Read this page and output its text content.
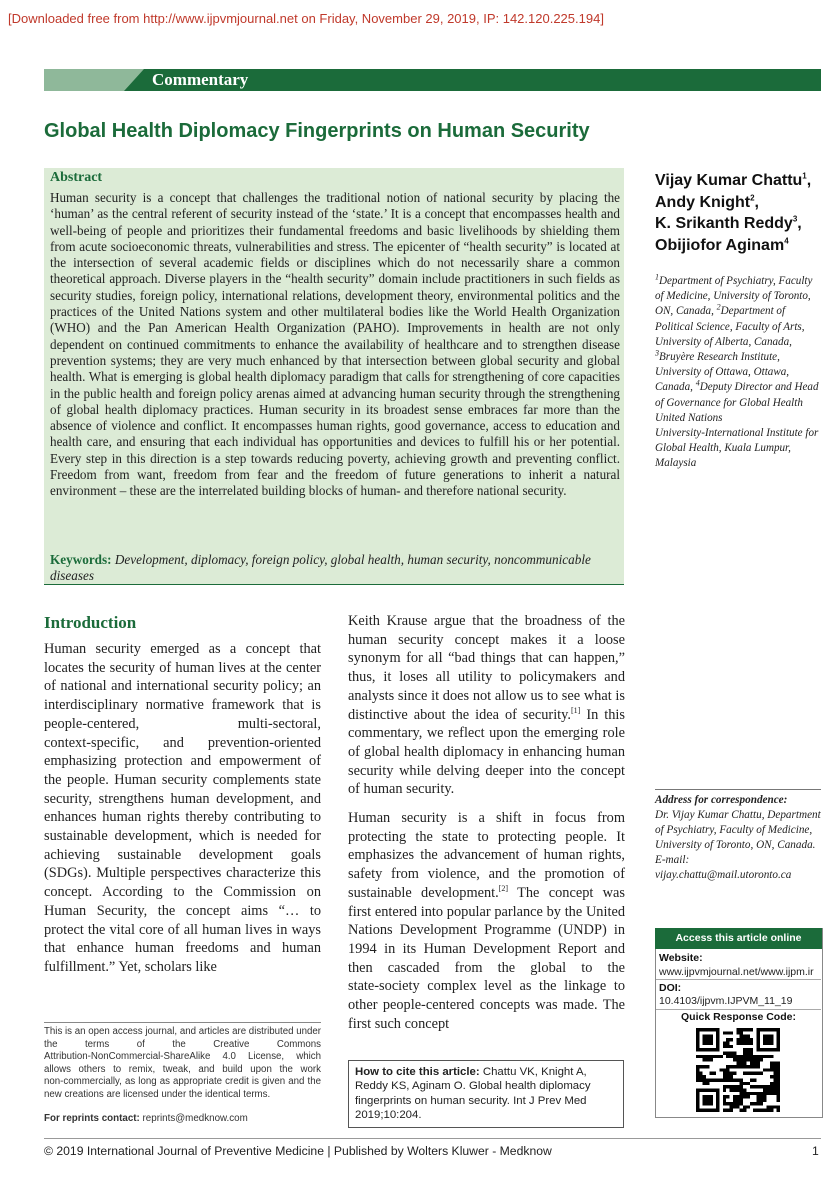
[Downloaded free from http://www.ijpvmjournal.net on Friday, November 29, 2019, IP: 142.120.225.194]
Commentary
Global Health Diplomacy Fingerprints on Human Security
Abstract
Human security is a concept that challenges the traditional notion of national security by placing the ‘human’ as the central referent of security instead of the ‘state.’ It is a concept that encompasses health and well‑being of people and prioritizes their fundamental freedoms and basic livelihoods by shielding them from acute socioeconomic threats, vulnerabilities and stress. The epicenter of “health security” is located at the intersection of several academic fields or disciplines which do not necessarily share a common theoretical approach. Diverse players in the “health security” domain include practitioners in such fields as security studies, foreign policy, international relations, development theory, environmental politics and the practices of the United Nations system and other multilateral bodies like the World Health Organization (WHO) and the Pan American Health Organization (PAHO). Improvements in health are not only dependent on continued commitments to enhance the availability of healthcare and to strengthen disease prevention systems; they are very much enhanced by that intersection between global security and global health. What is emerging is global health diplomacy paradigm that calls for strengthening of core capacities in the public health and foreign policy arenas aimed at advancing human security through the strengthening of global health diplomacy practices. Human security in its broadest sense embraces far more than the absence of violence and conflict. It encompasses human rights, good governance, access to education and health care, and ensuring that each individual has opportunities and devices to fulfill his or her potential. Every step in this direction is a step towards reducing poverty, achieving growth and preventing conflict. Freedom from want, freedom from fear and the freedom of future generations to inherit a natural environment – these are the interrelated building blocks of human‑ and therefore national security.
Keywords: Development, diplomacy, foreign policy, global health, human security, noncommunicable diseases
Vijay Kumar Chattu$^1$,
Andy Knight$^2$,
K. Srikanth Reddy$^3$,
Obijiofor Aginam$^4$
$^1$Department of Psychiatry, Faculty of Medicine, University of Toronto, ON, Canada, $^2$Department of Political Science, Faculty of Arts, University of Alberta, Canada, $^3$Bruyère Research Institute, University of Ottawa, Ottawa, Canada, $^4$Deputy Director and Head of Governance for Global Health United Nations University‑International Institute for Global Health, Kuala Lumpur, Malaysia
Introduction

Human security emerged as a concept that locates the security of human lives at the center of national and international security policy; an interdisciplinary normative framework that is people‑centered, multi‑sectoral, context‑specific, and prevention‑oriented emphasizing protection and empowerment of the people. Human security complements state security, strengthens human development, and enhances human rights thereby contributing to sustainable development, which is needed for achieving sustainable development goals (SDGs). Multiple perspectives characterize this concept. According to the Commission on Human Security, the concept aims “… to protect the vital core of all human lives in ways that enhance human freedoms and human fulfillment.” Yet, scholars like

Keith Krause argue that the broadness of the human security concept makes it a loose synonym for all “bad things that can happen,” thus, it loses all utility to policymakers and analysts since it does not allow us to see what is distinctive about the idea of security.[1] In this commentary, we reflect upon the emerging role of global health diplomacy in enhancing human security while delving deeper into the concept of human security.

Human security is a shift in focus from protecting the state to protecting people. It emphasizes the advancement of human rights, safety from violence, and the promotion of sustainable development.[2] The concept was first entered into popular parlance by the United Nations Development Programme (UNDP) in 1994 in its Human Development Report and then cascaded from the global to the state‑society complex level as the linkage to other people‑centered concepts was made. The first such concept

This is an open access journal, and articles are distributed under the terms of the Creative Commons Attribution‑NonCommercial‑ShareAlike 4.0 License, which allows others to remix, tweak, and build upon the work non‑commercially, as long as appropriate credit is given and the new creations are licensed under the identical terms.
For reprints contact: reprints@medknow.com
How to cite this article: Chattu VK, Knight A, Reddy KS, Aginam O. Global health diplomacy fingerprints on human security. Int J Prev Med 2019;10:204.
Address for correspondence:
Dr. Vijay Kumar Chattu, Department of Psychiatry, Faculty of Medicine, University of Toronto, ON, Canada. E‑mail: vijay.chattu@mail.utoronto.ca
Access this article online
Website:
www.ijpvmjournal.net/www.ijpm.ir
DOI:
10.4103/ijpvm.IJPVM_11_19
Quick Response Code:
© 2019 International Journal of Preventive Medicine | Published by Wolters Kluwer ‑ Medknow	1
